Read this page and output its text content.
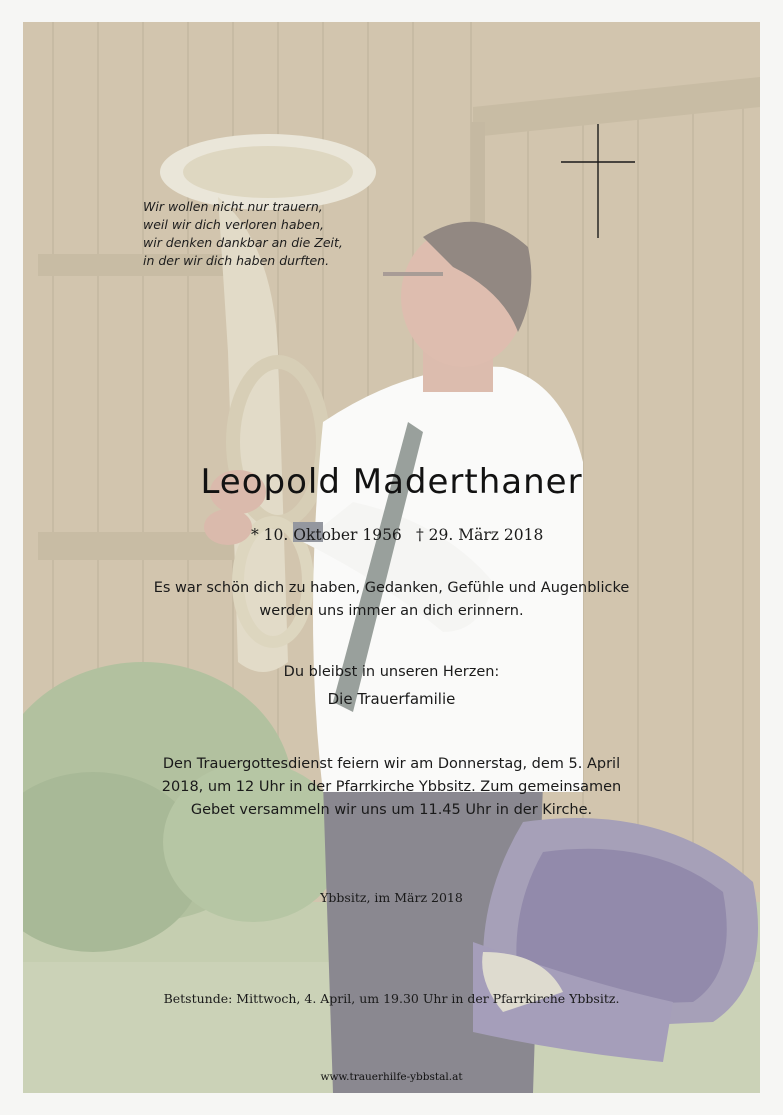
Wir wollen nicht nur trauern,
weil wir dich verloren haben,
wir denken dankbar an die Zeit,
in der wir dich haben durften.
Leopold Maderthaner
* 10. Oktober 1956 † 29. März 2018
Es war schön dich zu haben, Gedanken, Gefühle und Augenblicke
werden uns immer an dich erinnern.
Du bleibst in unseren Herzen:
Die Trauerfamilie
Den Trauergottesdienst feiern wir am Donnerstag, dem 5. April
2018, um 12 Uhr in der Pfarrkirche Ybbsitz. Zum gemeinsamen
Gebet versammeln wir uns um 11.45 Uhr in der Kirche.
Ybbsitz, im März 2018
Betstunde: Mittwoch, 4. April, um 19.30 Uhr in der Pfarrkirche Ybbsitz.
www.trauerhilfe-ybbstal.at
